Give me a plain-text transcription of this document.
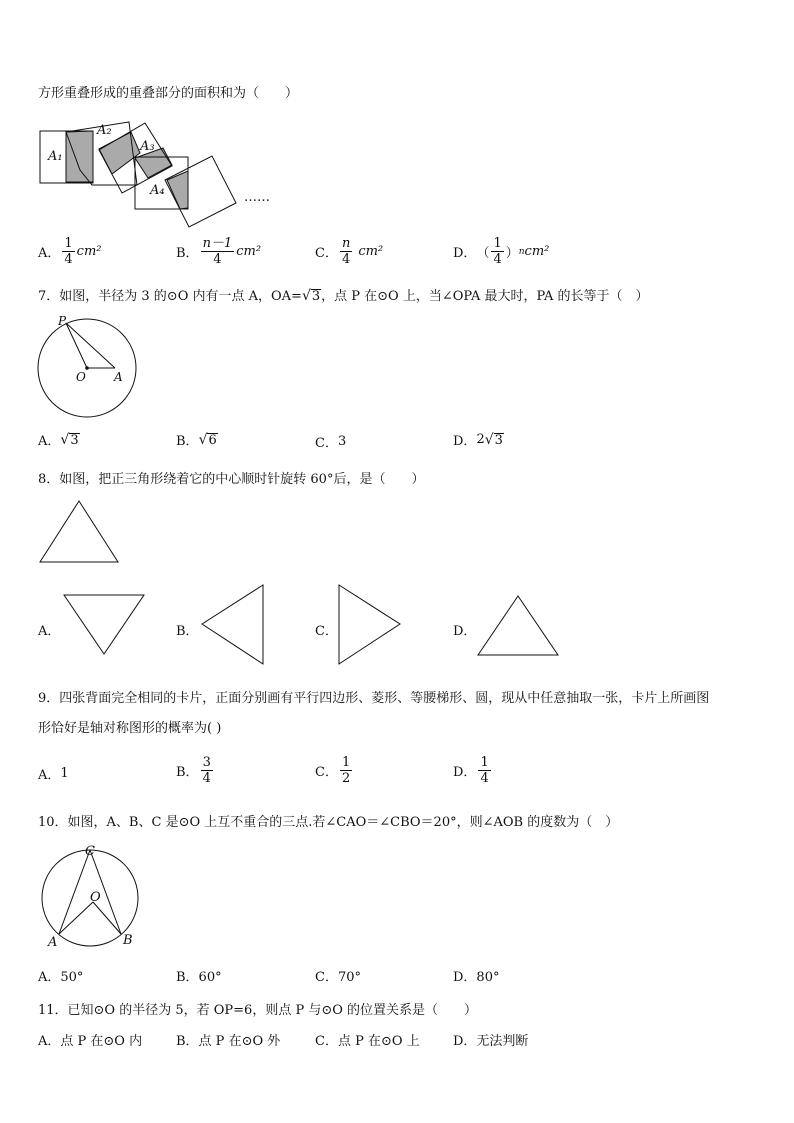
方形重叠形成的重叠部分的面积和为（　　）
A₁
A₂
A₃
A₄	……
A． $\frac{1}{4} cm^2$	B． $\frac{n-1}{4} cm^2$	C． $\frac{n}{4} cm^2$	D． （ $\frac{1}{4}$ ） n cm²
7．如图，半径为 3 的⊙O 内有一点 A，OA= √ 3 ，点 P 在⊙O 上，当∠OPA 最大时，PA 的长等于（　）
P
O A
A． √ 3	B． √ 6	C． 3	D． 2 √ 3
8．如图，把正三角形绕着它的中心顺时针旋转 60°后，是（　　）
A．	B．	C．	D．
9．四张背面完全相同的卡片，正面分别画有平行四边形、菱形、等腰梯形、圆，现从中任意抽取一张，卡片上所画图
形恰好是轴对称图形的概率为( )
A． 1	B． $\frac{3}{4}$	C． $\frac{1}{2}$	D． $\frac{1}{4}$
10．如图，A、B、C 是⊙O 上互不重合的三点.若∠CAO＝∠CBO＝20°，则∠AOB 的度数为（　）
C
O
A	B
A．50°	B．60°	C．70°	D．80°
11．已知⊙O 的半径为 5，若 OP=6，则点 P 与⊙O 的位置关系是（　　）
A．点 P 在⊙O 内	B．点 P 在⊙O 外	C．点 P 在⊙O 上	D．无法判断
